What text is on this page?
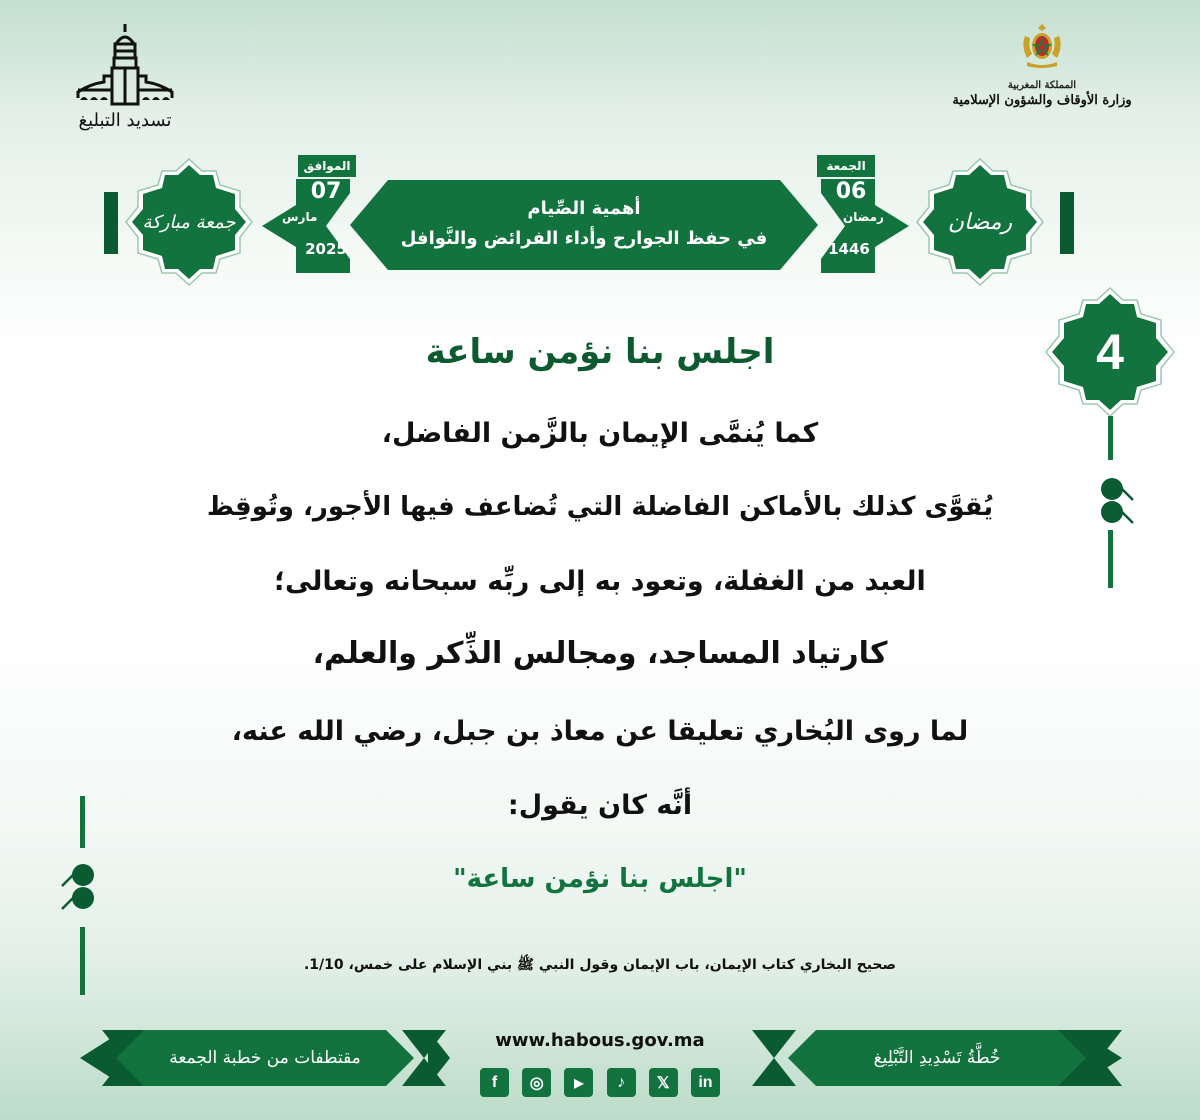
تسديد التبليغ
المملكة المغربية
وزارة الأوقاف والشؤون الإسلامية
رمضان
الجمعة
06
رمضان
1446
أهمية الصِّيام
في حفظ الجوارح وأداء الفرائض والنَّوافل
الموافق
07
مارس
2025
جمعة مباركة
4
اجلس بنا نؤمن ساعة
كما يُنمَّى الإيمان بالزَّمن الفاضل،
يُقوَّى كذلك بالأماكن الفاضلة التي تُضاعف فيها الأجور، وتُوقِظ
العبد من الغفلة، وتعود به إلى ربِّه سبحانه وتعالى؛
كارتياد المساجد، ومجالس الذِّكر والعلم،
لما روى البُخاري تعليقا عن معاذ بن جبل، رضي الله عنه،
أنَّه كان يقول:
"اجلس بنا نؤمن ساعة"
صحيح البخاري كتاب الإيمان، باب الإيمان وقول النبي ﷺ بني الإسلام على خمس، 1/10.
خُطَّةُ تَسْدِيدِ التَّبْلِيغ
www.habous.gov.ma
f	◎	▶	♪	𝕏	in
مقتطفات من خطبة الجمعة
